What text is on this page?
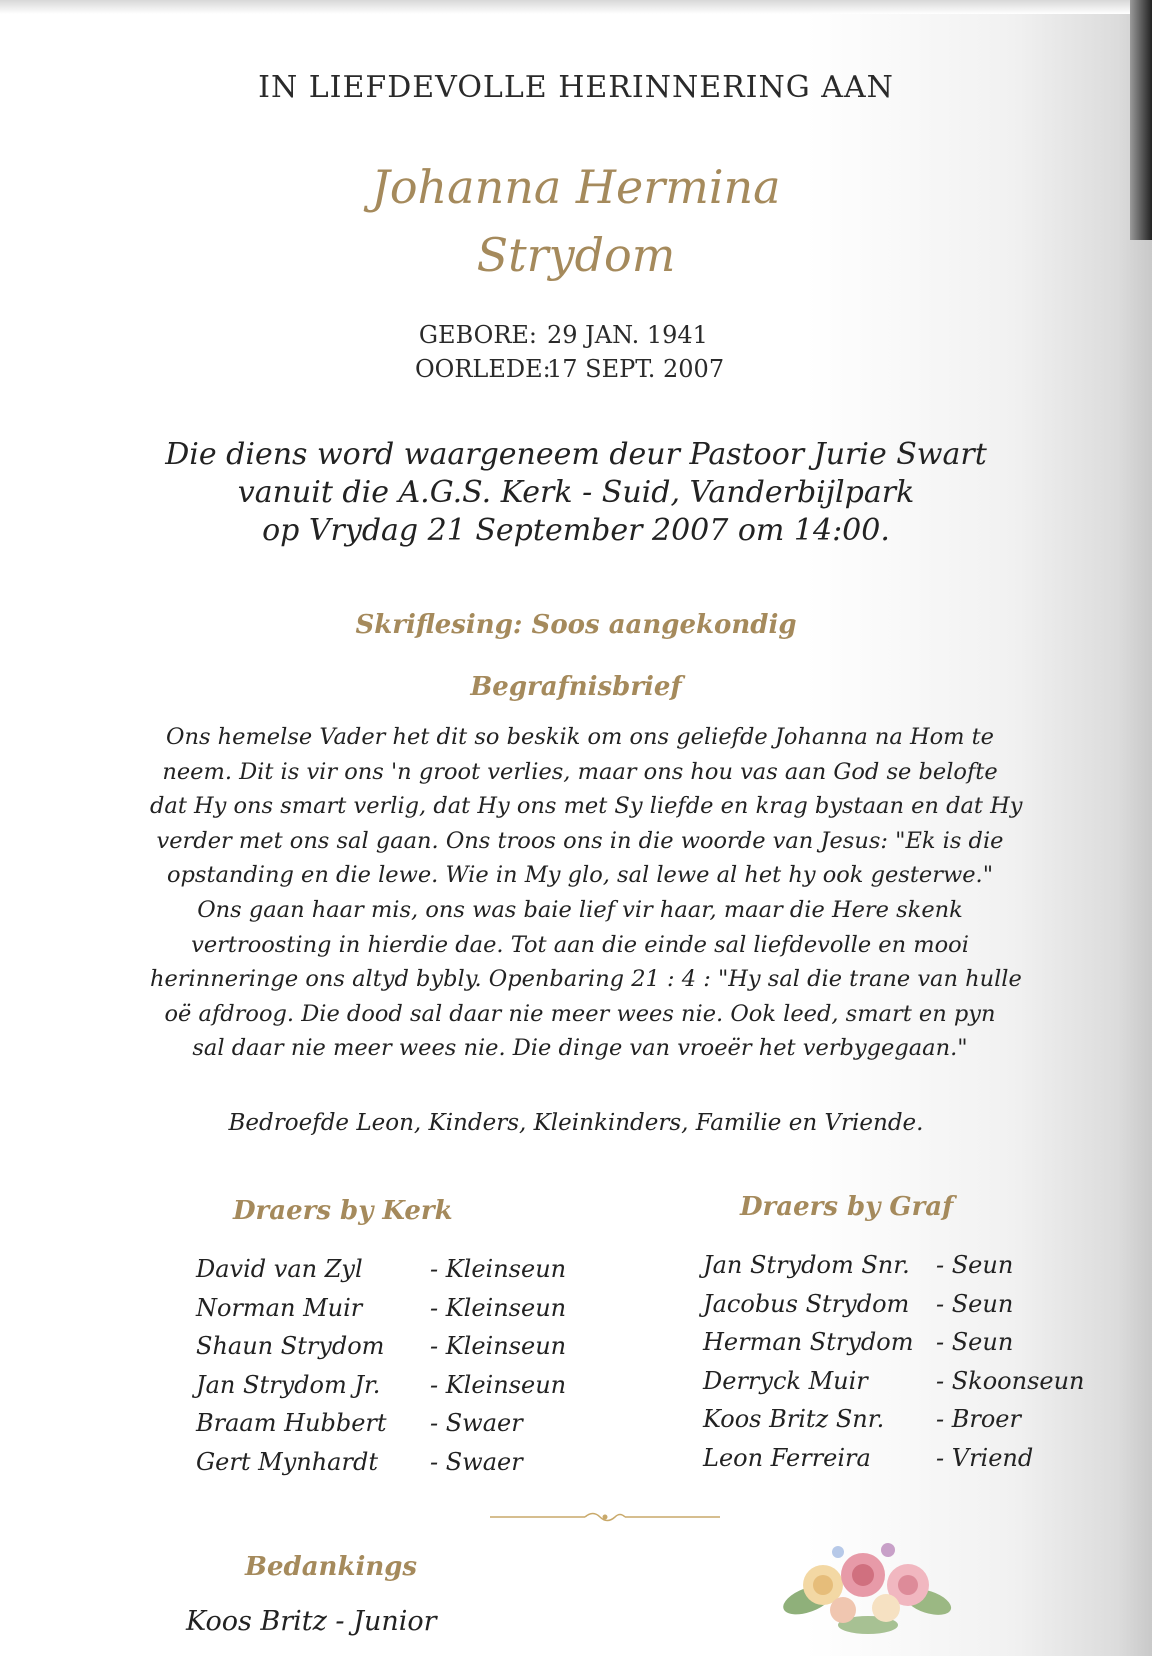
IN LIEFDEVOLLE HERINNERING AAN
Johanna Hermina
Strydom
GEBORE: 29 JAN. 1941
OORLEDE:17 SEPT. 2007
Die diens word waargeneem deur Pastoor Jurie Swart
vanuit die A.G.S. Kerk - Suid, Vanderbijlpark
op Vrydag 21 September 2007 om 14:00.
Skriflesing: Soos aangekondig
Begrafnisbrief
Ons hemelse Vader het dit so beskik om ons geliefde Johanna na Hom te
neem. Dit is vir ons 'n groot verlies, maar ons hou vas aan God se belofte
dat Hy ons smart verlig, dat Hy ons met Sy liefde en krag bystaan en dat Hy
verder met ons sal gaan. Ons troos ons in die woorde van Jesus: "Ek is die
opstanding en die lewe. Wie in My glo, sal lewe al het hy ook gesterwe."
Ons gaan haar mis, ons was baie lief vir haar, maar die Here skenk
vertroosting in hierdie dae. Tot aan die einde sal liefdevolle en mooi
herinneringe ons altyd bybly. Openbaring 21 : 4 : "Hy sal die trane van hulle
oë afdroog. Die dood sal daar nie meer wees nie. Ook leed, smart en pyn
sal daar nie meer wees nie. Die dinge van vroeër het verbygegaan."
Bedroefde Leon, Kinders, Kleinkinders, Familie en Vriende.
Draers by Kerk
David van Zyl	- Kleinseun
Norman Muir	- Kleinseun
Shaun Strydom - Kleinseun
Jan Strydom Jr. - Kleinseun
Braam Hubbert - Swaer
Gert Mynhardt - Swaer
Draers by Graf
Jan Strydom Snr. - Seun
Jacobus Strydom - Seun
Herman Strydom - Seun
Derryck Muir	- Skoonseun
Koos Britz Snr. - Broer
Leon Ferreira	- Vriend
Bedankings
Koos Britz - Junior
